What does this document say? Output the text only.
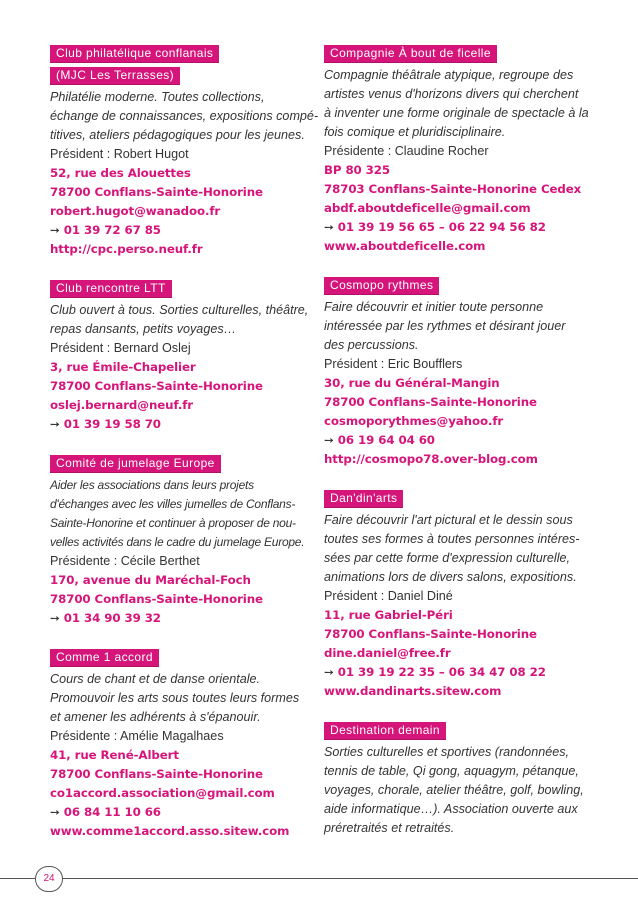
Club philatélique conflanais
(MJC Les Terrasses)
Philatélie moderne. Toutes collections,
échange de connaissances, expositions compé-
titives, ateliers pédagogiques pour les jeunes.
Président : Robert Hugot
52, rue des Alouettes
78700 Conflans-Sainte-Honorine
robert.hugot@wanadoo.fr
➙ 01 39 72 67 85
http://cpc.perso.neuf.fr
Club rencontre LTT
Club ouvert à tous. Sorties culturelles, théâtre,
repas dansants, petits voyages…
Président : Bernard Oslej
3, rue Émile-Chapelier
78700 Conflans-Sainte-Honorine
oslej.bernard@neuf.fr
➙ 01 39 19 58 70
Comité de jumelage Europe
Aider les associations dans leurs projets
d'échanges avec les villes jumelles de Conflans-
Sainte-Honorine et continuer à proposer de nou-
velles activités dans le cadre du jumelage Europe.
Présidente : Cécile Berthet
170, avenue du Maréchal-Foch
78700 Conflans-Sainte-Honorine
➙ 01 34 90 39 32
Comme 1 accord
Cours de chant et de danse orientale.
Promouvoir les arts sous toutes leurs formes
et amener les adhérents à s'épanouir.
Présidente : Amélie Magalhaes
41, rue René-Albert
78700 Conflans-Sainte-Honorine
co1accord.association@gmail.com
➙ 06 84 11 10 66
www.comme1accord.asso.sitew.com
Compagnie À bout de ficelle
Compagnie théâtrale atypique, regroupe des
artistes venus d'horizons divers qui cherchent
à inventer une forme originale de spectacle à la
fois comique et pluridisciplinaire.
Présidente : Claudine Rocher
BP 80 325
78703 Conflans-Sainte-Honorine Cedex
abdf.aboutdeficelle@gmail.com
➙ 01 39 19 56 65 – 06 22 94 56 82
www.aboutdeficelle.com
Cosmopo rythmes
Faire découvrir et initier toute personne
intéressée par les rythmes et désirant jouer
des percussions.
Président : Eric Boufflers
30, rue du Général-Mangin
78700 Conflans-Sainte-Honorine
cosmoporythmes@yahoo.fr
➙ 06 19 64 04 60
http://cosmopo78.over-blog.com
Dan'din'arts
Faire découvrir l'art pictural et le dessin sous
toutes ses formes à toutes personnes intéres-
sées par cette forme d'expression culturelle,
animations lors de divers salons, expositions.
Président : Daniel Diné
11, rue Gabriel-Péri
78700 Conflans-Sainte-Honorine
dine.daniel@free.fr
➙ 01 39 19 22 35 – 06 34 47 08 22
www.dandinarts.sitew.com
Destination demain
Sorties culturelles et sportives (randonnées,
tennis de table, Qi gong, aquagym, pétanque,
voyages, chorale, atelier théâtre, golf, bowling,
aide informatique…). Association ouverte aux
préretraités et retraités.
24
